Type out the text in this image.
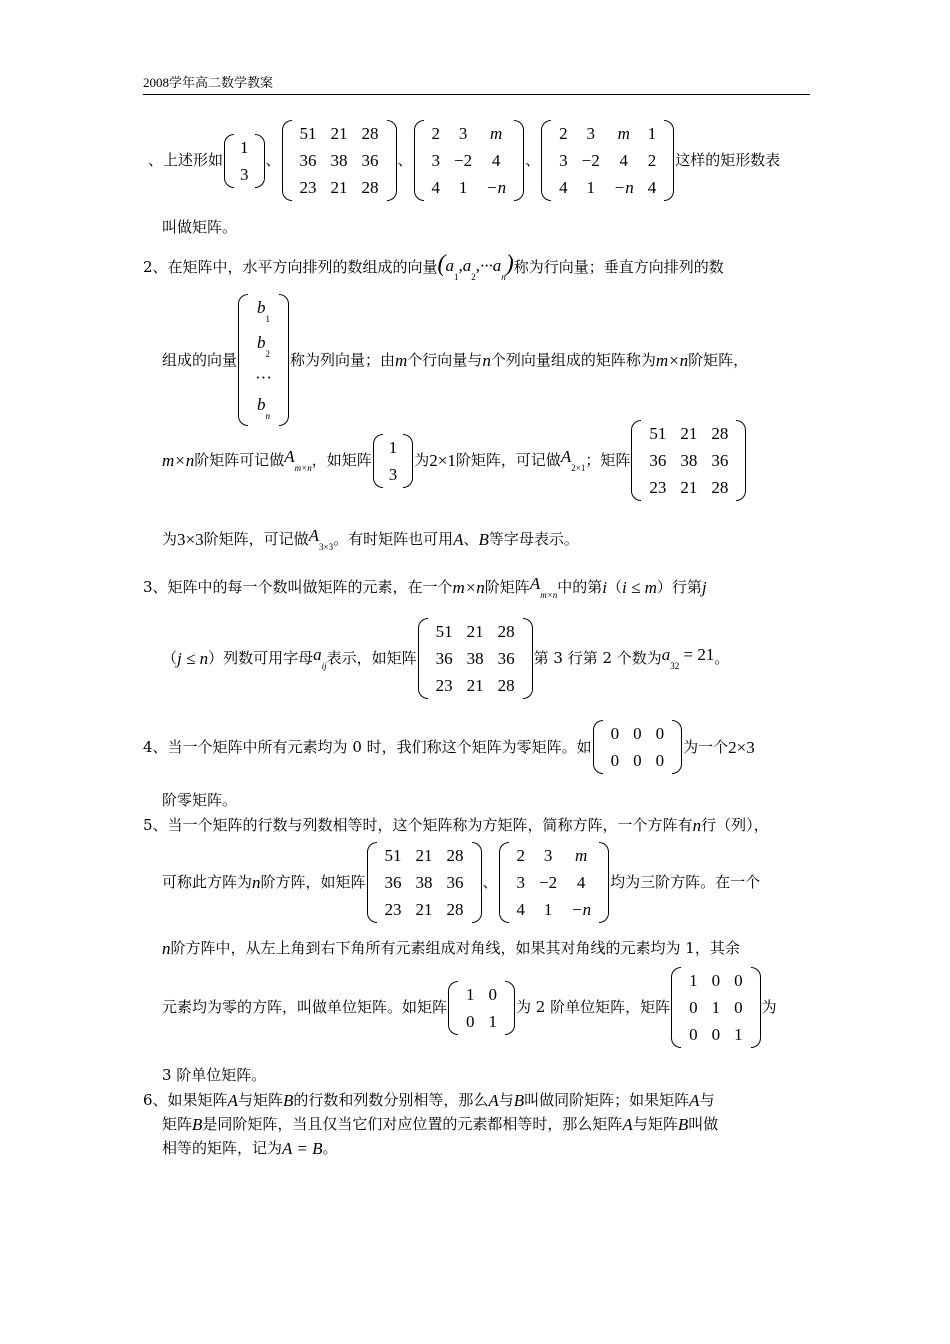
2008学年高二数学教案
、上述形如
1
3
、
51	21	28
36	38	36
23	21	28
、
2	3	m
3	−2	4
4	1	−n
、
2	3	m	1
3	−2	4	2
4	1	−n	4
这样的矩形数表
叫做矩阵。
2、在矩阵中，水平方向排列的数组成的向量 $(a_1,a_2,\cdot\cdot\cdot a_n)$ 称为行向量；垂直方向排列的数
组成的向量
$b_1$
$b_2$
···
$b_n$
称为列向量；由 m 个行向量与 n 个列向量组成的矩阵称为 m×n 阶矩阵，
m×n 阶矩阵可记做 $A_{m\times n}$ ，如矩阵
1
3
为 2×1 阶矩阵，可记做 $A_{2\times 1}$ ；矩阵
51	21	28
36	38	36
23	21	28
为 3×3 阶矩阵，可记做 $A_{3\times 3}$ 。有时矩阵也可用 A 、 B 等字母表示。
3、矩阵中的每一个数叫做矩阵的元素，在一个 m×n 阶矩阵 $A_{m\times n}$ 中的第 i （ i ≤ m ）行第 j
（ j ≤ n ）列数可用字母 $a_{ij}$ 表示，如矩阵
51	21	28
36	38	36
23	21	28
第 3 行第 2 个数为 $a_{32} = 21$ 。
4、当一个矩阵中所有元素均为 0 时，我们称这个矩阵为零矩阵。如
0	0	0
0	0	0
为一个 2×3
阶零矩阵。
5、当一个矩阵的行数与列数相等时，这个矩阵称为方矩阵，简称方阵，一个方阵有 n 行（列），
可称此方阵为 n 阶方阵，如矩阵
51	21	28
36	38	36
23	21	28
、
2	3	m
3	−2	4
4	1	−n
均为三阶方阵。在一个
n 阶方阵中，从左上角到右下角所有元素组成对角线，如果其对角线的元素均为 1，其余
元素均为零的方阵，叫做单位矩阵。如矩阵
1	0
0	1
为 2 阶单位矩阵，矩阵
1	0	0
0	1	0
0	0	1
为
3 阶单位矩阵。
6、如果矩阵 A 与矩阵 B 的行数和列数分别相等，那么 A 与 B 叫做同阶矩阵；如果矩阵 A 与
矩阵 B 是同阶矩阵，当且仅当它们对应位置的元素都相等时，那么矩阵 A 与矩阵 B 叫做
相等的矩阵，记为 A = B 。
